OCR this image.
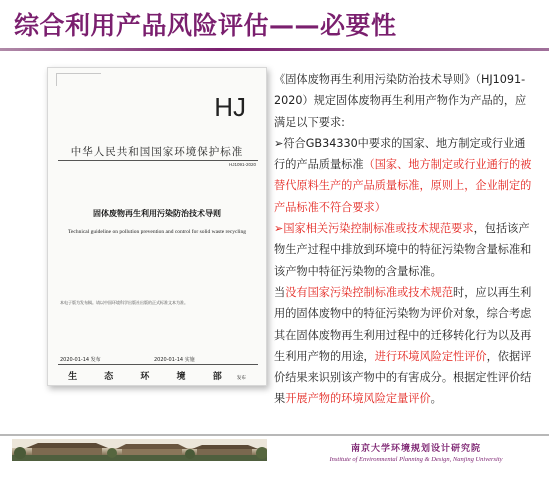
综合利用产品风险评估——必要性
HJ
中华人民共和国国家环境保护标准
HJ1091-2020
固体废物再生利用污染防治技术导则
Technical guideline on pollution prevention and control for solid waste recycling
本电子版为发布稿。请以中国环境科学出版社出版的正式标准文本为准。
2020-01-14 发布	2020-01-14 实施
生 态 环 境 部 发布

《固体废物再生利用污染防治技术导则》（HJ1091-2020）规定固体废物再生利用产物作为产品的，应满足以下要求:

➢符合GB34330中要求的国家、地方制定或行业通行的产品质量标准（国家、地方制定或行业通行的被替代原料生产的产品质量标准，原则上，企业制定的产品标准不符合要求）

➢国家相关污染控制标准或技术规范要求，包括该产物生产过程中排放到环境中的特征污染物含量标准和该产物中特征污染物的含量标准。

当没有国家污染控制标准或技术规范时，应以再生利用的固体废物中的特征污染物为评价对象，综合考虑其在固体废物再生利用过程中的迁移转化行为以及再生利用产物的用途，进行环境风险定性评价，依据评价结果来识别该产物中的有害成分。根据定性评价结果开展产物的环境风险定量评价。

南京大学环境规划设计研究院
Institute of Environmental Planning & Design, Nanjing University
